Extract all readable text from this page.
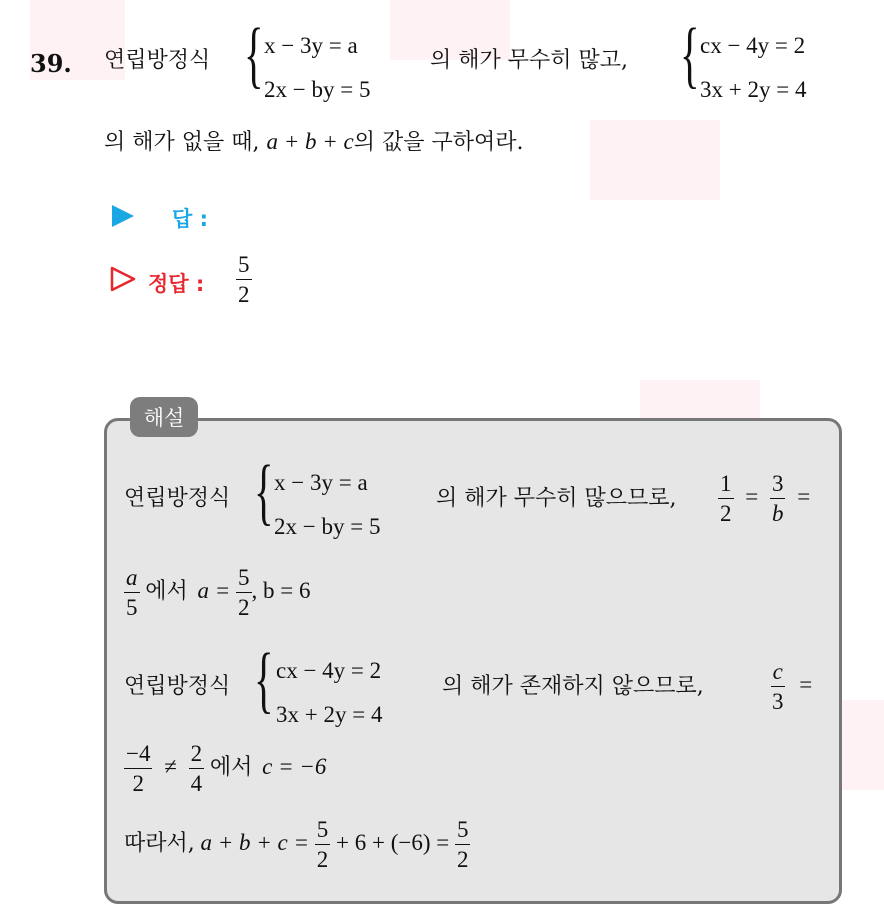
39. 연립방정식 { x − 3y = a
2x − by = 5
의 해가 무수히 많고, { cx − 4y = 2
3x + 2y = 4
의 해가 없을 때, a + b + c의 값을 구하여라.
답 :
정답 : $\frac{5}{2}$
해설
연립방정식 { x − 3y = a
2x − by = 5
의 해가 무수히 많으므로, $\frac{1}{2} = \frac{3}{b}$ =
$\frac{a}{5}$ 에서 $a = \frac{5}{2}$ , b = 6
연립방정식 { cx − 4y = 2
3x + 2y = 4
의 해가 존재하지 않으므로,	$\frac{c}{3}$ =
$\frac{-4}{2} \ne \frac{2}{4}$ 에서 c = −6
따라서, $a + b + c = \frac{5}{2} + 6 + (-6) = \frac{5}{2}$
